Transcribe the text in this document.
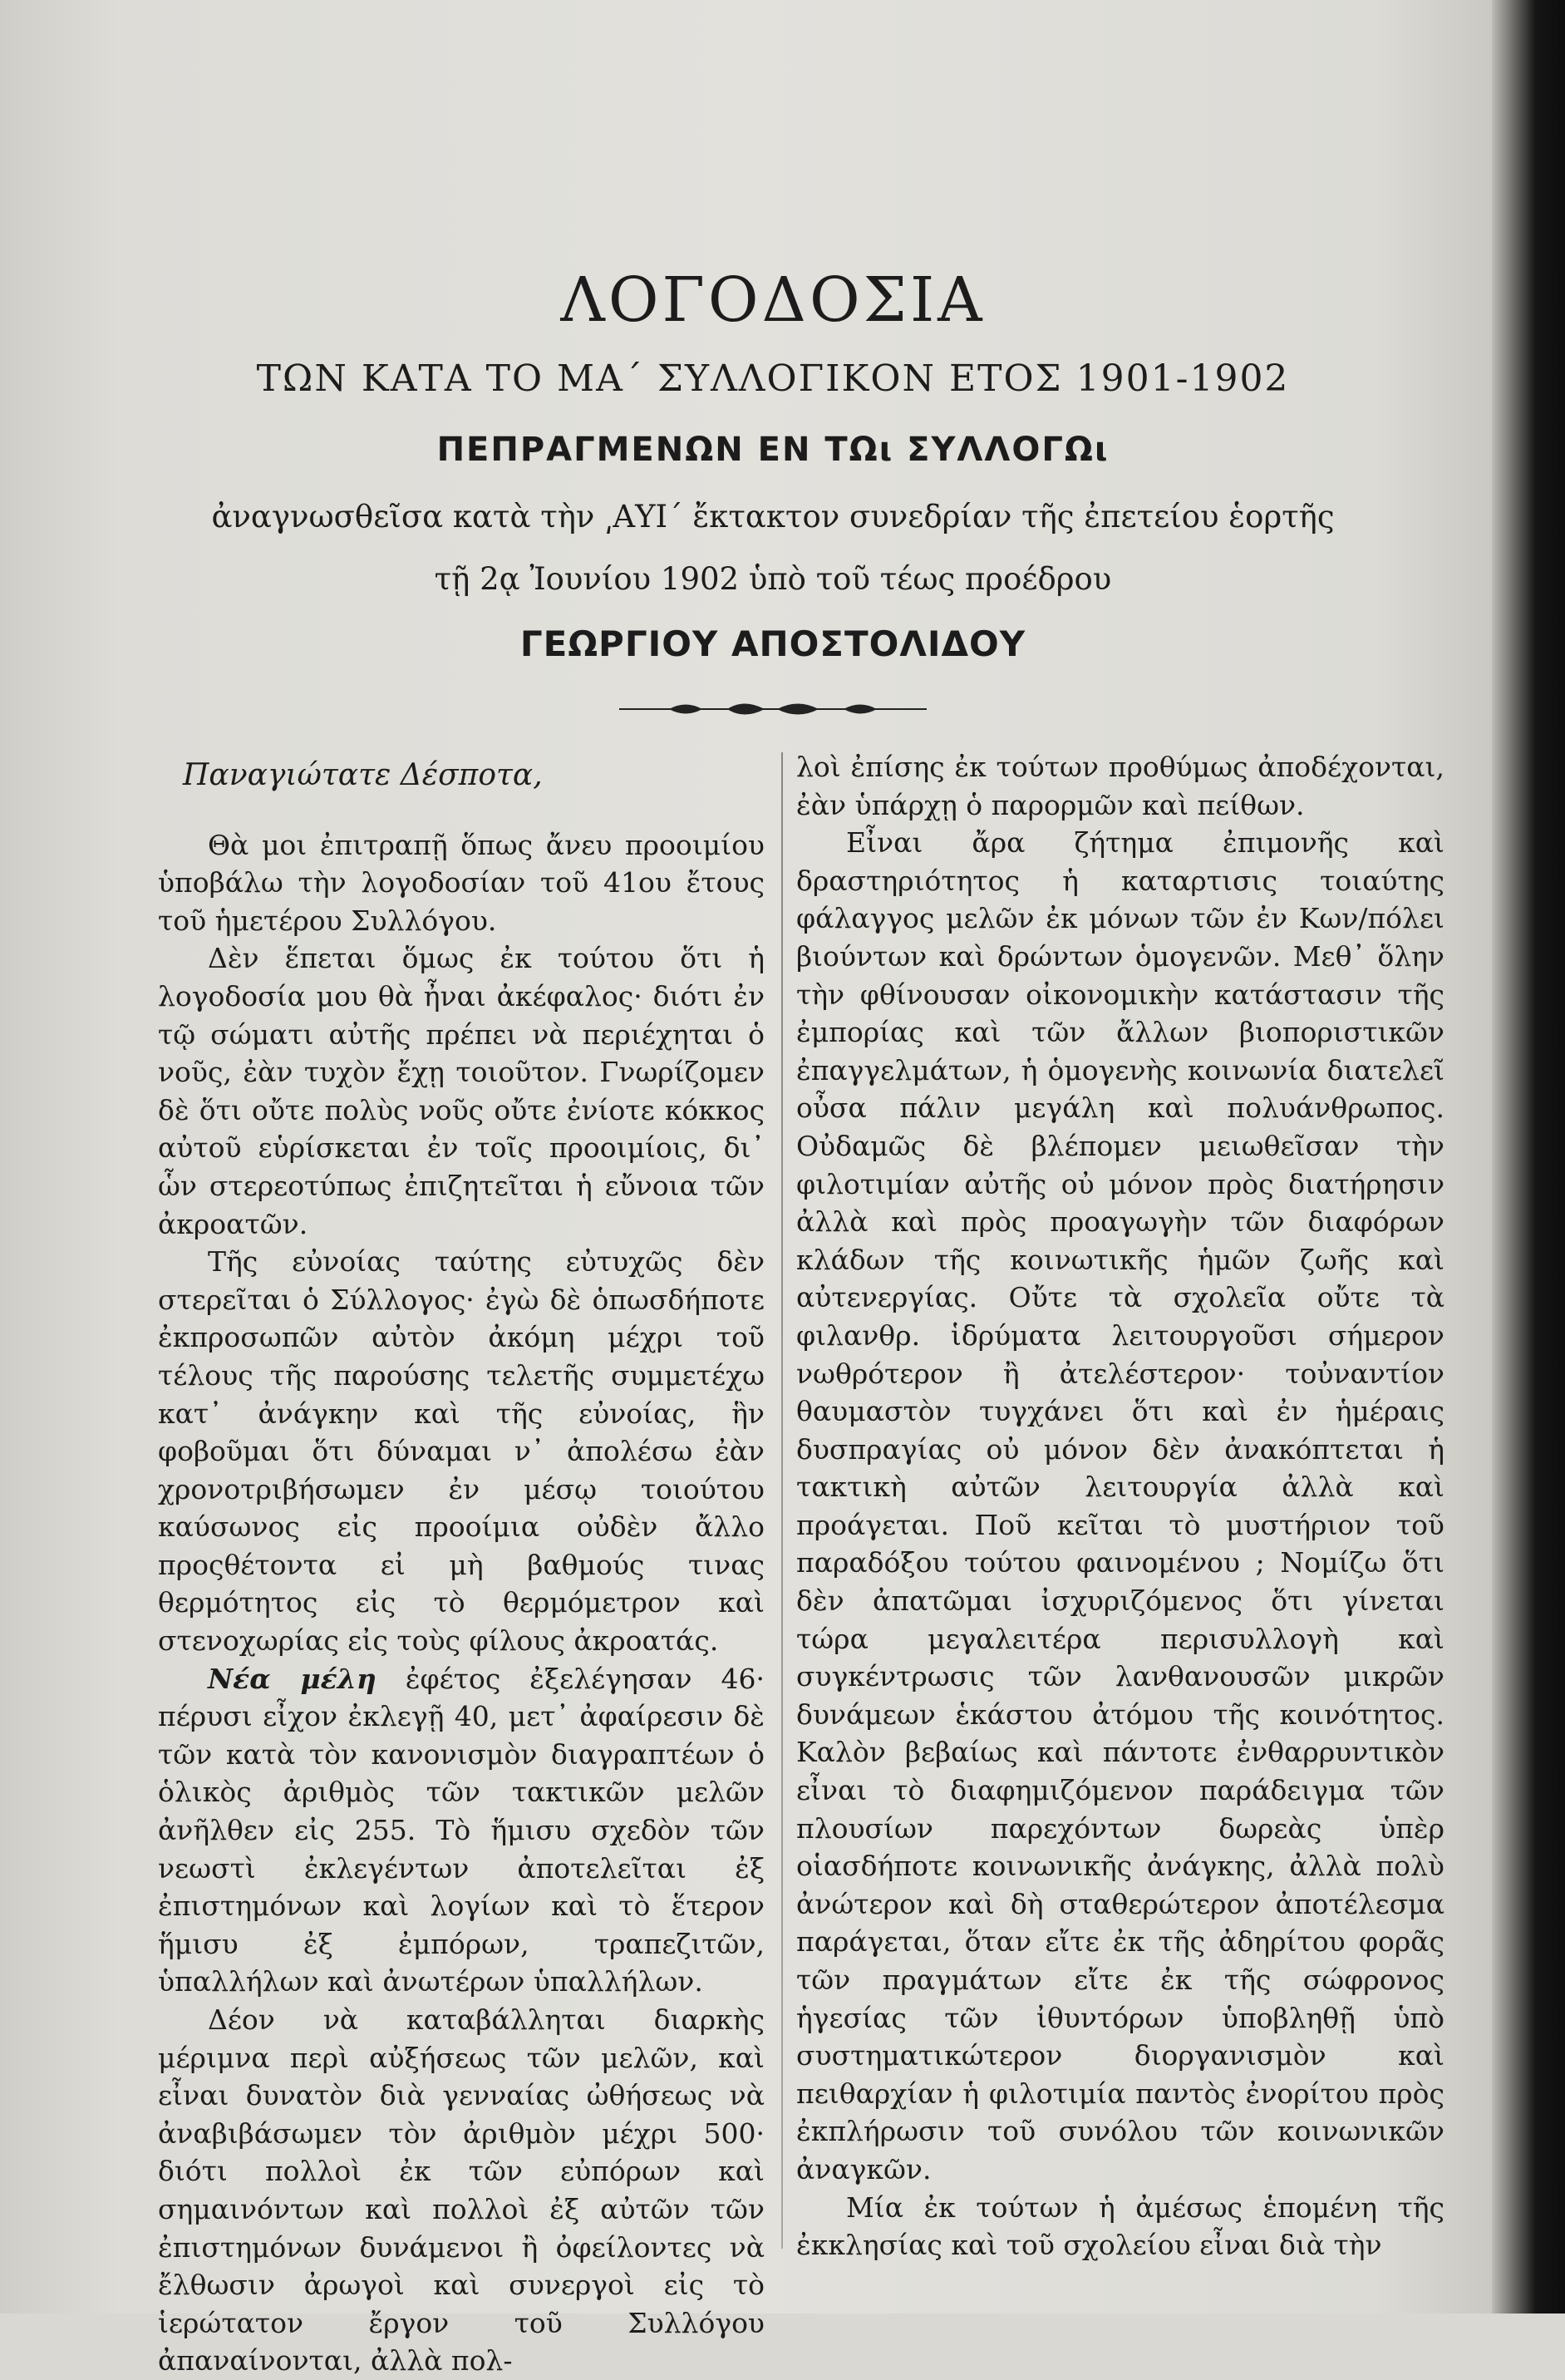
ΛΟΓΟΔΟΣΙΑ
ΤΩΝ ΚΑΤΑ ΤΟ ΜΑ΄ ΣΥΛΛΟΓΙΚΟΝ ΕΤΟΣ 1901-1902
ΠΕΠΡΑΓΜΕΝΩΝ ΕΝ ΤΩι ΣΥΛΛΟΓΩι
ἀναγνωσθεῖσα κατὰ τὴν ͵ΑΥΙ΄ ἔκτακτον συνεδρίαν τῆς ἐπετείου ἑορτῆς
τῇ 2ᾳ Ἰουνίου 1902 ὑπὸ τοῦ τέως προέδρου
ΓΕΩΡΓΙΟΥ ΑΠΟΣΤΟΛΙΔΟΥ

Παναγιώτατε Δέσποτα,

Θὰ μοι ἐπιτραπῇ ὅπως ἄνευ προοιμίου ὑποβάλω τὴν λογοδοσίαν τοῦ 41ου ἔτους τοῦ ἡμετέρου Συλλόγου.

Δὲν ἕπεται ὅμως ἐκ τούτου ὅτι ἡ λογοδοσία μου θὰ ἦναι ἀκέφαλος· διότι ἐν τῷ σώματι αὐτῆς πρέπει νὰ περιέχηται ὁ νοῦς, ἐὰν τυχὸν ἔχῃ τοιοῦτον. Γνωρίζομεν δὲ ὅτι οὔτε πολὺς νοῦς οὔτε ἐνίοτε κόκκος αὐτοῦ εὑρίσκεται ἐν τοῖς προοιμίοις, δι᾿ ὧν στερεοτύπως ἐπιζητεῖται ἡ εὔνοια τῶν ἀκροατῶν.

Τῆς εὐνοίας ταύτης εὐτυχῶς δὲν στερεῖται ὁ Σύλλογος· ἐγὼ δὲ ὁπωσδήποτε ἐκπροσωπῶν αὐτὸν ἀκόμη μέχρι τοῦ τέλους τῆς παρούσης τελετῆς συμμετέχω κατ᾿ ἀνάγκην καὶ τῆς εὐνοίας, ἣν φοβοῦμαι ὅτι δύναμαι ν᾿ ἀπολέσω ἐὰν χρονοτριβήσωμεν ἐν μέσῳ τοιούτου καύσωνος εἰς προοίμια οὐδὲν ἄλλο προςθέτοντα εἰ μὴ βαθμούς τινας θερμότητος εἰς τὸ θερμόμετρον καὶ στενοχωρίας εἰς τοὺς φίλους ἀκροατάς.

Νέα μέλη ἐφέτος ἐξελέγησαν 46· πέρυσι εἶχον ἐκλεγῇ 40, μετ᾿ ἀφαίρεσιν δὲ τῶν κατὰ τὸν κανονισμὸν διαγραπτέων ὁ ὁλικὸς ἀριθμὸς τῶν τακτικῶν μελῶν ἀνῆλθεν εἰς 255. Τὸ ἥμισυ σχεδὸν τῶν νεωστὶ ἐκλεγέντων ἀποτελεῖται ἐξ ἐπιστημόνων καὶ λογίων καὶ τὸ ἕτερον ἥμισυ ἐξ ἐμπόρων, τραπεζιτῶν, ὑπαλλήλων καὶ ἀνωτέρων ὑπαλλήλων.

Δέον νὰ καταβάλληται διαρκὴς μέριμνα περὶ αὐξήσεως τῶν μελῶν, καὶ εἶναι δυνατὸν διὰ γενναίας ὠθήσεως νὰ ἀναβιβάσωμεν τὸν ἀριθμὸν μέχρι 500· διότι πολλοὶ ἐκ τῶν εὐπόρων καὶ σημαινόντων καὶ πολλοὶ ἐξ αὐτῶν τῶν ἐπιστημόνων δυνάμενοι ἢ ὀφείλοντες νὰ ἔλθωσιν ἀρωγοὶ καὶ συνεργοὶ εἰς τὸ ἱερώτατον ἔργον τοῦ Συλλόγου ἀπαναίνονται, ἀλλὰ πολ-

λοὶ ἐπίσης ἐκ τούτων προθύμως ἀποδέχονται, ἐὰν ὑπάρχῃ ὁ παρορμῶν καὶ πείθων.

Εἶναι ἄρα ζήτημα ἐπιμονῆς καὶ δραστηριότητος ἡ καταρτισις τοιαύτης φάλαγγος μελῶν ἐκ μόνων τῶν ἐν Κων/πόλει βιούντων καὶ δρώντων ὁμογενῶν. Μεθ᾿ ὅλην τὴν φθίνουσαν οἰκονομικὴν κατάστασιν τῆς ἐμπορίας καὶ τῶν ἄλλων βιοποριστικῶν ἐπαγγελμάτων, ἡ ὁμογενὴς κοινωνία διατελεῖ οὖσα πάλιν μεγάλη καὶ πολυάνθρωπος. Οὐδαμῶς δὲ βλέπομεν μειωθεῖσαν τὴν φιλοτιμίαν αὐτῆς οὐ μόνον πρὸς διατήρησιν ἀλλὰ καὶ πρὸς προαγωγὴν τῶν διαφόρων κλάδων τῆς κοινωτικῆς ἡμῶν ζωῆς καὶ αὐτενεργίας. Οὔτε τὰ σχολεῖα οὔτε τὰ φιλανθρ. ἱδρύματα λειτουργοῦσι σήμερον νωθρότερον ἢ ἀτελέστερον· τοὐναντίον θαυμαστὸν τυγχάνει ὅτι καὶ ἐν ἡμέραις δυσπραγίας οὐ μόνον δὲν ἀνακόπτεται ἡ τακτικὴ αὐτῶν λειτουργία ἀλλὰ καὶ προάγεται. Ποῦ κεῖται τὸ μυστήριον τοῦ παραδόξου τούτου φαινομένου ; Νομίζω ὅτι δὲν ἀπατῶμαι ἰσχυριζόμενος ὅτι γίνεται τώρα μεγαλειτέρα περισυλλογὴ καὶ συγκέντρωσις τῶν λανθανουσῶν μικρῶν δυνάμεων ἑκάστου ἀτόμου τῆς κοινότητος. Καλὸν βεβαίως καὶ πάντοτε ἐνθαρρυντικὸν εἶναι τὸ διαφημιζόμενον παράδειγμα τῶν πλουσίων παρεχόντων δωρεὰς ὑπὲρ οἱασδήποτε κοινωνικῆς ἀνάγκης, ἀλλὰ πολὺ ἀνώτερον καὶ δὴ σταθερώτερον ἀποτέλεσμα παράγεται, ὅταν εἴτε ἐκ τῆς ἀδηρίτου φορᾶς τῶν πραγμάτων εἴτε ἐκ τῆς σώφρονος ἡγεσίας τῶν ἰθυντόρων ὑποβληθῇ ὑπὸ συστηματικώτερον διοργανισμὸν καὶ πειθαρχίαν ἡ φιλοτιμία παντὸς ἐνορίτου πρὸς ἐκπλήρωσιν τοῦ συνόλου τῶν κοινωνικῶν ἀναγκῶν.

Μία ἐκ τούτων ἡ ἀμέσως ἑπομένη τῆς ἐκκλησίας καὶ τοῦ σχολείου εἶναι διὰ τὴν
